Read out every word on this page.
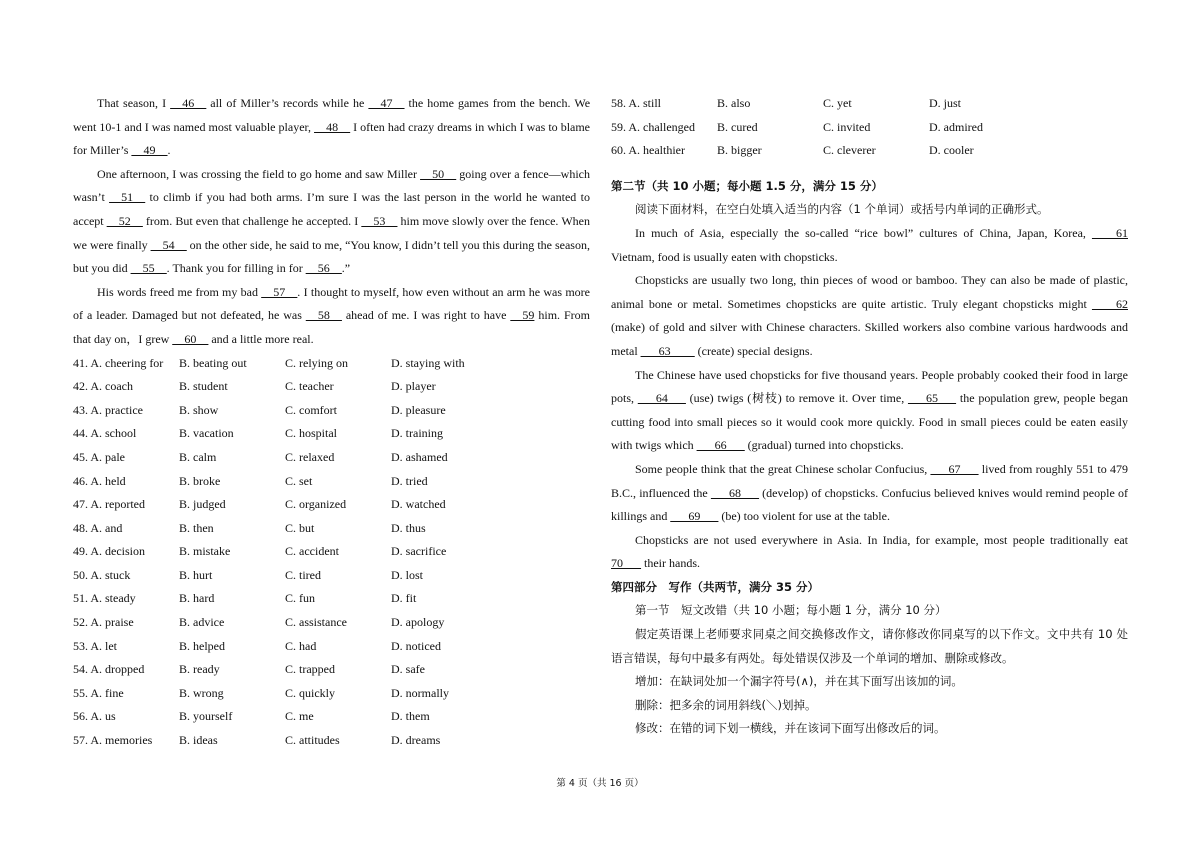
That season, I __46__ all of Miller’s records while he __47__ the home games from the bench. We went 10-1 and I was named most valuable player, __48__ I often had crazy dreams in which I was to blame for Miller’s __49__.

One afternoon, I was crossing the field to go home and saw Miller __50__ going over a fence—which wasn’t __51__ to climb if you had both arms. I’m sure I was the last person in the world he wanted to accept __52__ from. But even that challenge he accepted. I __53__ him move slowly over the fence. When we were finally __54__ on the other side, he said to me, “You know, I didn’t tell you this during the season, but you did __55__. Thank you for filling in for __56__.”

His words freed me from my bad __57__. I thought to myself, how even without an arm he was more of a leader. Damaged but not defeated, he was __58__ ahead of me. I was right to have __59 him. From that day on，I grew __60__ and a little more real.

41. A. cheering for	B. beating out	C. relying on	D. staying with
42. A. coach	B. student	C. teacher	D. player
43. A. practice	B. show	C. comfort	D. pleasure
44. A. school	B. vacation	C. hospital	D. training
45. A. pale	B. calm	C. relaxed	D. ashamed
46. A. held	B. broke	C. set	D. tried
47. A. reported	B. judged	C. organized	D. watched
48. A. and	B. then	C. but	D. thus
49. A. decision	B. mistake	C. accident	D. sacrifice
50. A. stuck	B. hurt	C. tired	D. lost
51. A. steady	B. hard	C. fun	D. fit
52. A. praise	B. advice	C. assistance	D. apology
53. A. let	B. helped	C. had	D. noticed
54. A. dropped	B. ready	C. trapped	D. safe
55. A. fine	B. wrong	C. quickly	D. normally
56. A. us	B. yourself	C. me	D. them
57. A. memories	B. ideas	C. attitudes	D. dreams
58. A. still	B. also	C. yet	D. just
59. A. challenged	B. cured	C. invited	D. admired
60. A. healthier	B. bigger	C. cleverer	D. cooler

第二节（共 10 小题；每小题 1.5 分，满分 15 分）

阅读下面材料，在空白处填入适当的内容（1 个单词）或括号内单词的正确形式。

In much of Asia, especially the so-called “rice bowl” cultures of China, Japan, Korea, ____61 Vietnam, food is usually eaten with chopsticks.

Chopsticks are usually two long, thin pieces of wood or bamboo. They can also be made of plastic, animal bone or metal. Sometimes chopsticks are quite artistic. Truly elegant chopsticks might ____62 (make) of gold and silver with Chinese characters. Skilled workers also combine various hardwoods and metal ___63____ (create) special designs.

The Chinese have used chopsticks for five thousand years. People probably cooked their food in large pots, ___64___ (use) twigs (树枝) to remove it. Over time, ___65___ the population grew, people began cutting food into small pieces so it would cook more quickly. Food in small pieces could be eaten easily with twigs which ___66___ (gradual) turned into chopsticks.

Some people think that the great Chinese scholar Confucius, ___67___ lived from roughly 551 to 479 B.C., influenced the ___68___ (develop) of chopsticks. Confucius believed knives would remind people of killings and ___69___ (be) too violent for use at the table.

Chopsticks are not used everywhere in Asia. In India, for example, most people traditionally eat 70___ their hands.

第四部分　写作（共两节，满分 35 分）

第一节　短文改错（共 10 小题；每小题 1 分，满分 10 分）

假定英语课上老师要求同桌之间交换修改作文，请你修改你同桌写的以下作文。文中共有 10 处语言错误，每句中最多有两处。每处错误仅涉及一个单词的增加、删除或修改。

增加：在缺词处加一个漏字符号(∧)，并在其下面写出该加的词。

删除：把多余的词用斜线(＼)划掉。

修改：在错的词下划一横线，并在该词下面写出修改后的词。

第 4 页（共 16 页）
